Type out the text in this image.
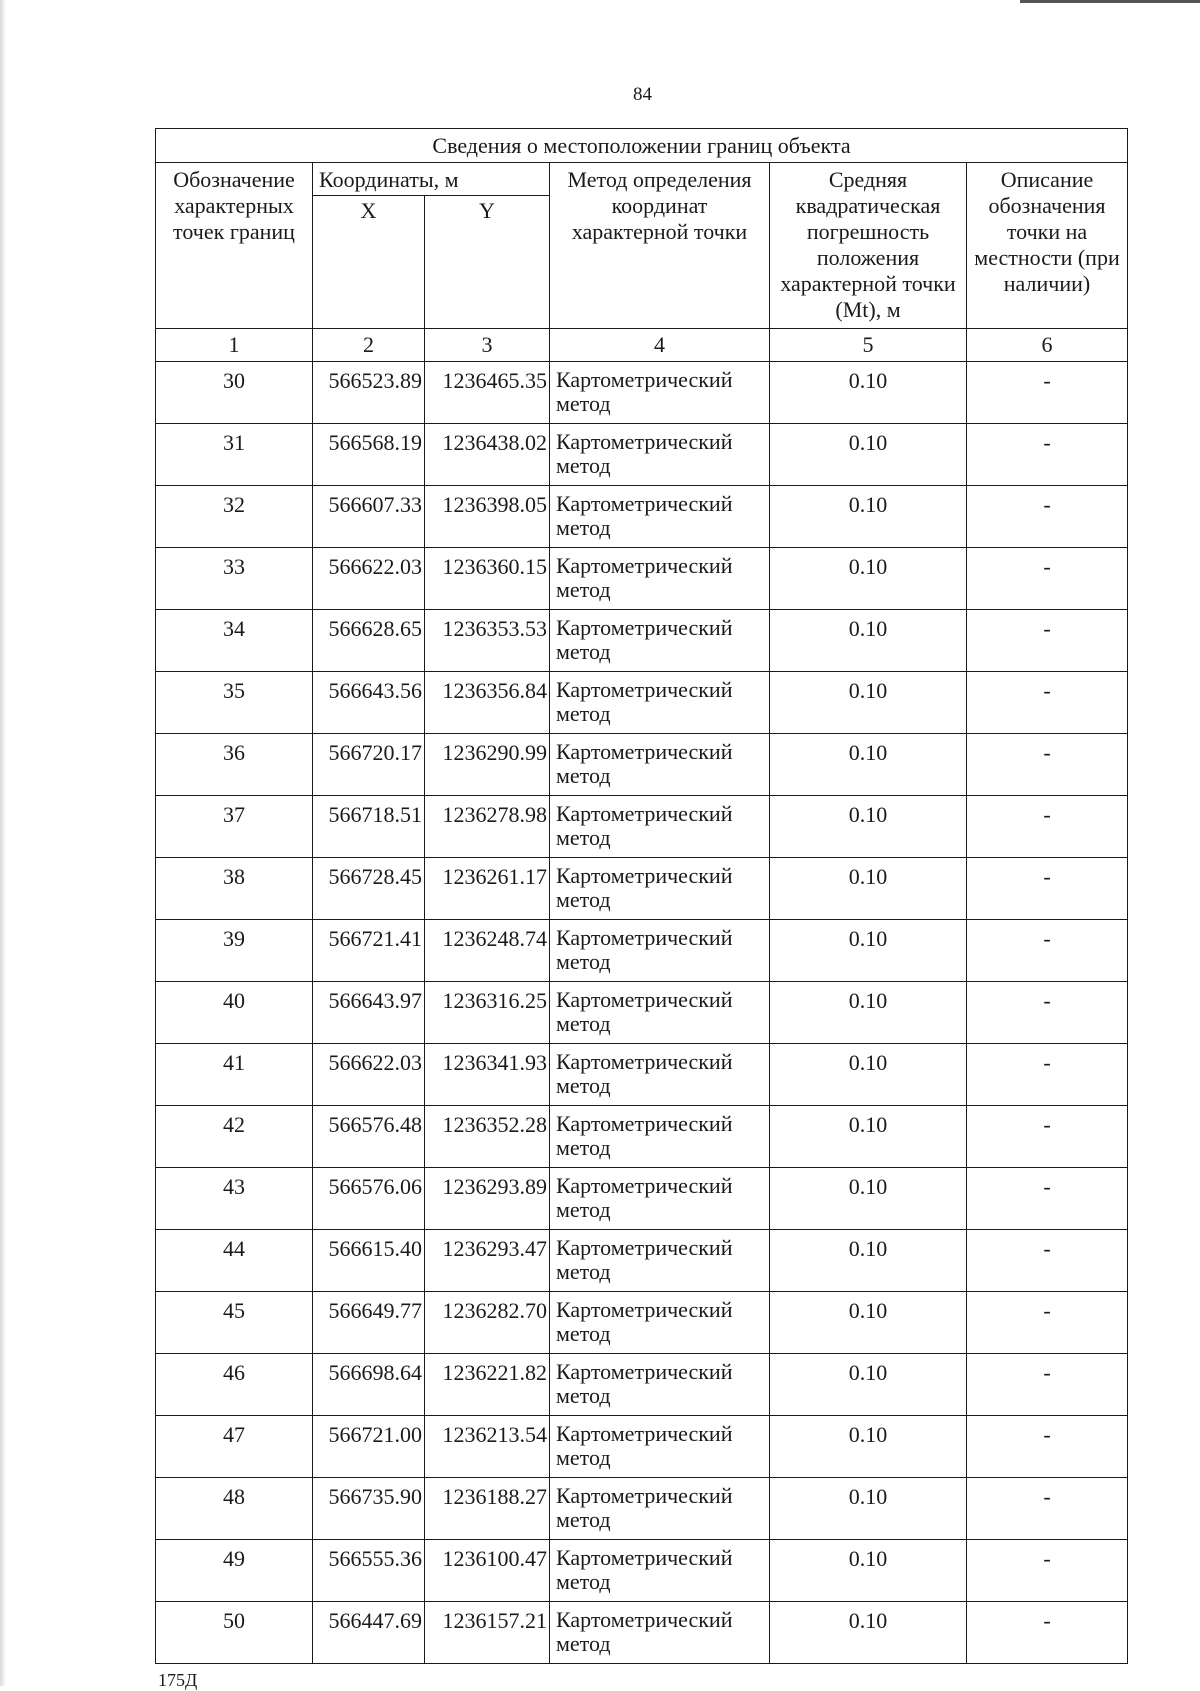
84
Сведения о местоположении границ объекта					
Обозначение характерных точек границ	Координаты, м		Метод определения координат характерной точки	Средняя квадратическая погрешность положения характерной точки (Mt), м	Описание обозначения точки на местности (при наличии)
	X	Y			
1	2	3	4	5	6
30	566523.89	1236465.35	Картометрический метод	0.10	-
31	566568.19	1236438.02	Картометрический метод	0.10	-
32	566607.33	1236398.05	Картометрический метод	0.10	-
33	566622.03	1236360.15	Картометрический метод	0.10	-
34	566628.65	1236353.53	Картометрический метод	0.10	-
35	566643.56	1236356.84	Картометрический метод	0.10	-
36	566720.17	1236290.99	Картометрический метод	0.10	-
37	566718.51	1236278.98	Картометрический метод	0.10	-
38	566728.45	1236261.17	Картометрический метод	0.10	-
39	566721.41	1236248.74	Картометрический метод	0.10	-
40	566643.97	1236316.25	Картометрический метод	0.10	-
41	566622.03	1236341.93	Картометрический метод	0.10	-
42	566576.48	1236352.28	Картометрический метод	0.10	-
43	566576.06	1236293.89	Картометрический метод	0.10	-
44	566615.40	1236293.47	Картометрический метод	0.10	-
45	566649.77	1236282.70	Картометрический метод	0.10	-
46	566698.64	1236221.82	Картометрический метод	0.10	-
47	566721.00	1236213.54	Картометрический метод	0.10	-
48	566735.90	1236188.27	Картометрический метод	0.10	-
49	566555.36	1236100.47	Картометрический метод	0.10	-
50	566447.69	1236157.21	Картометрический метод	0.10	-
175Д
